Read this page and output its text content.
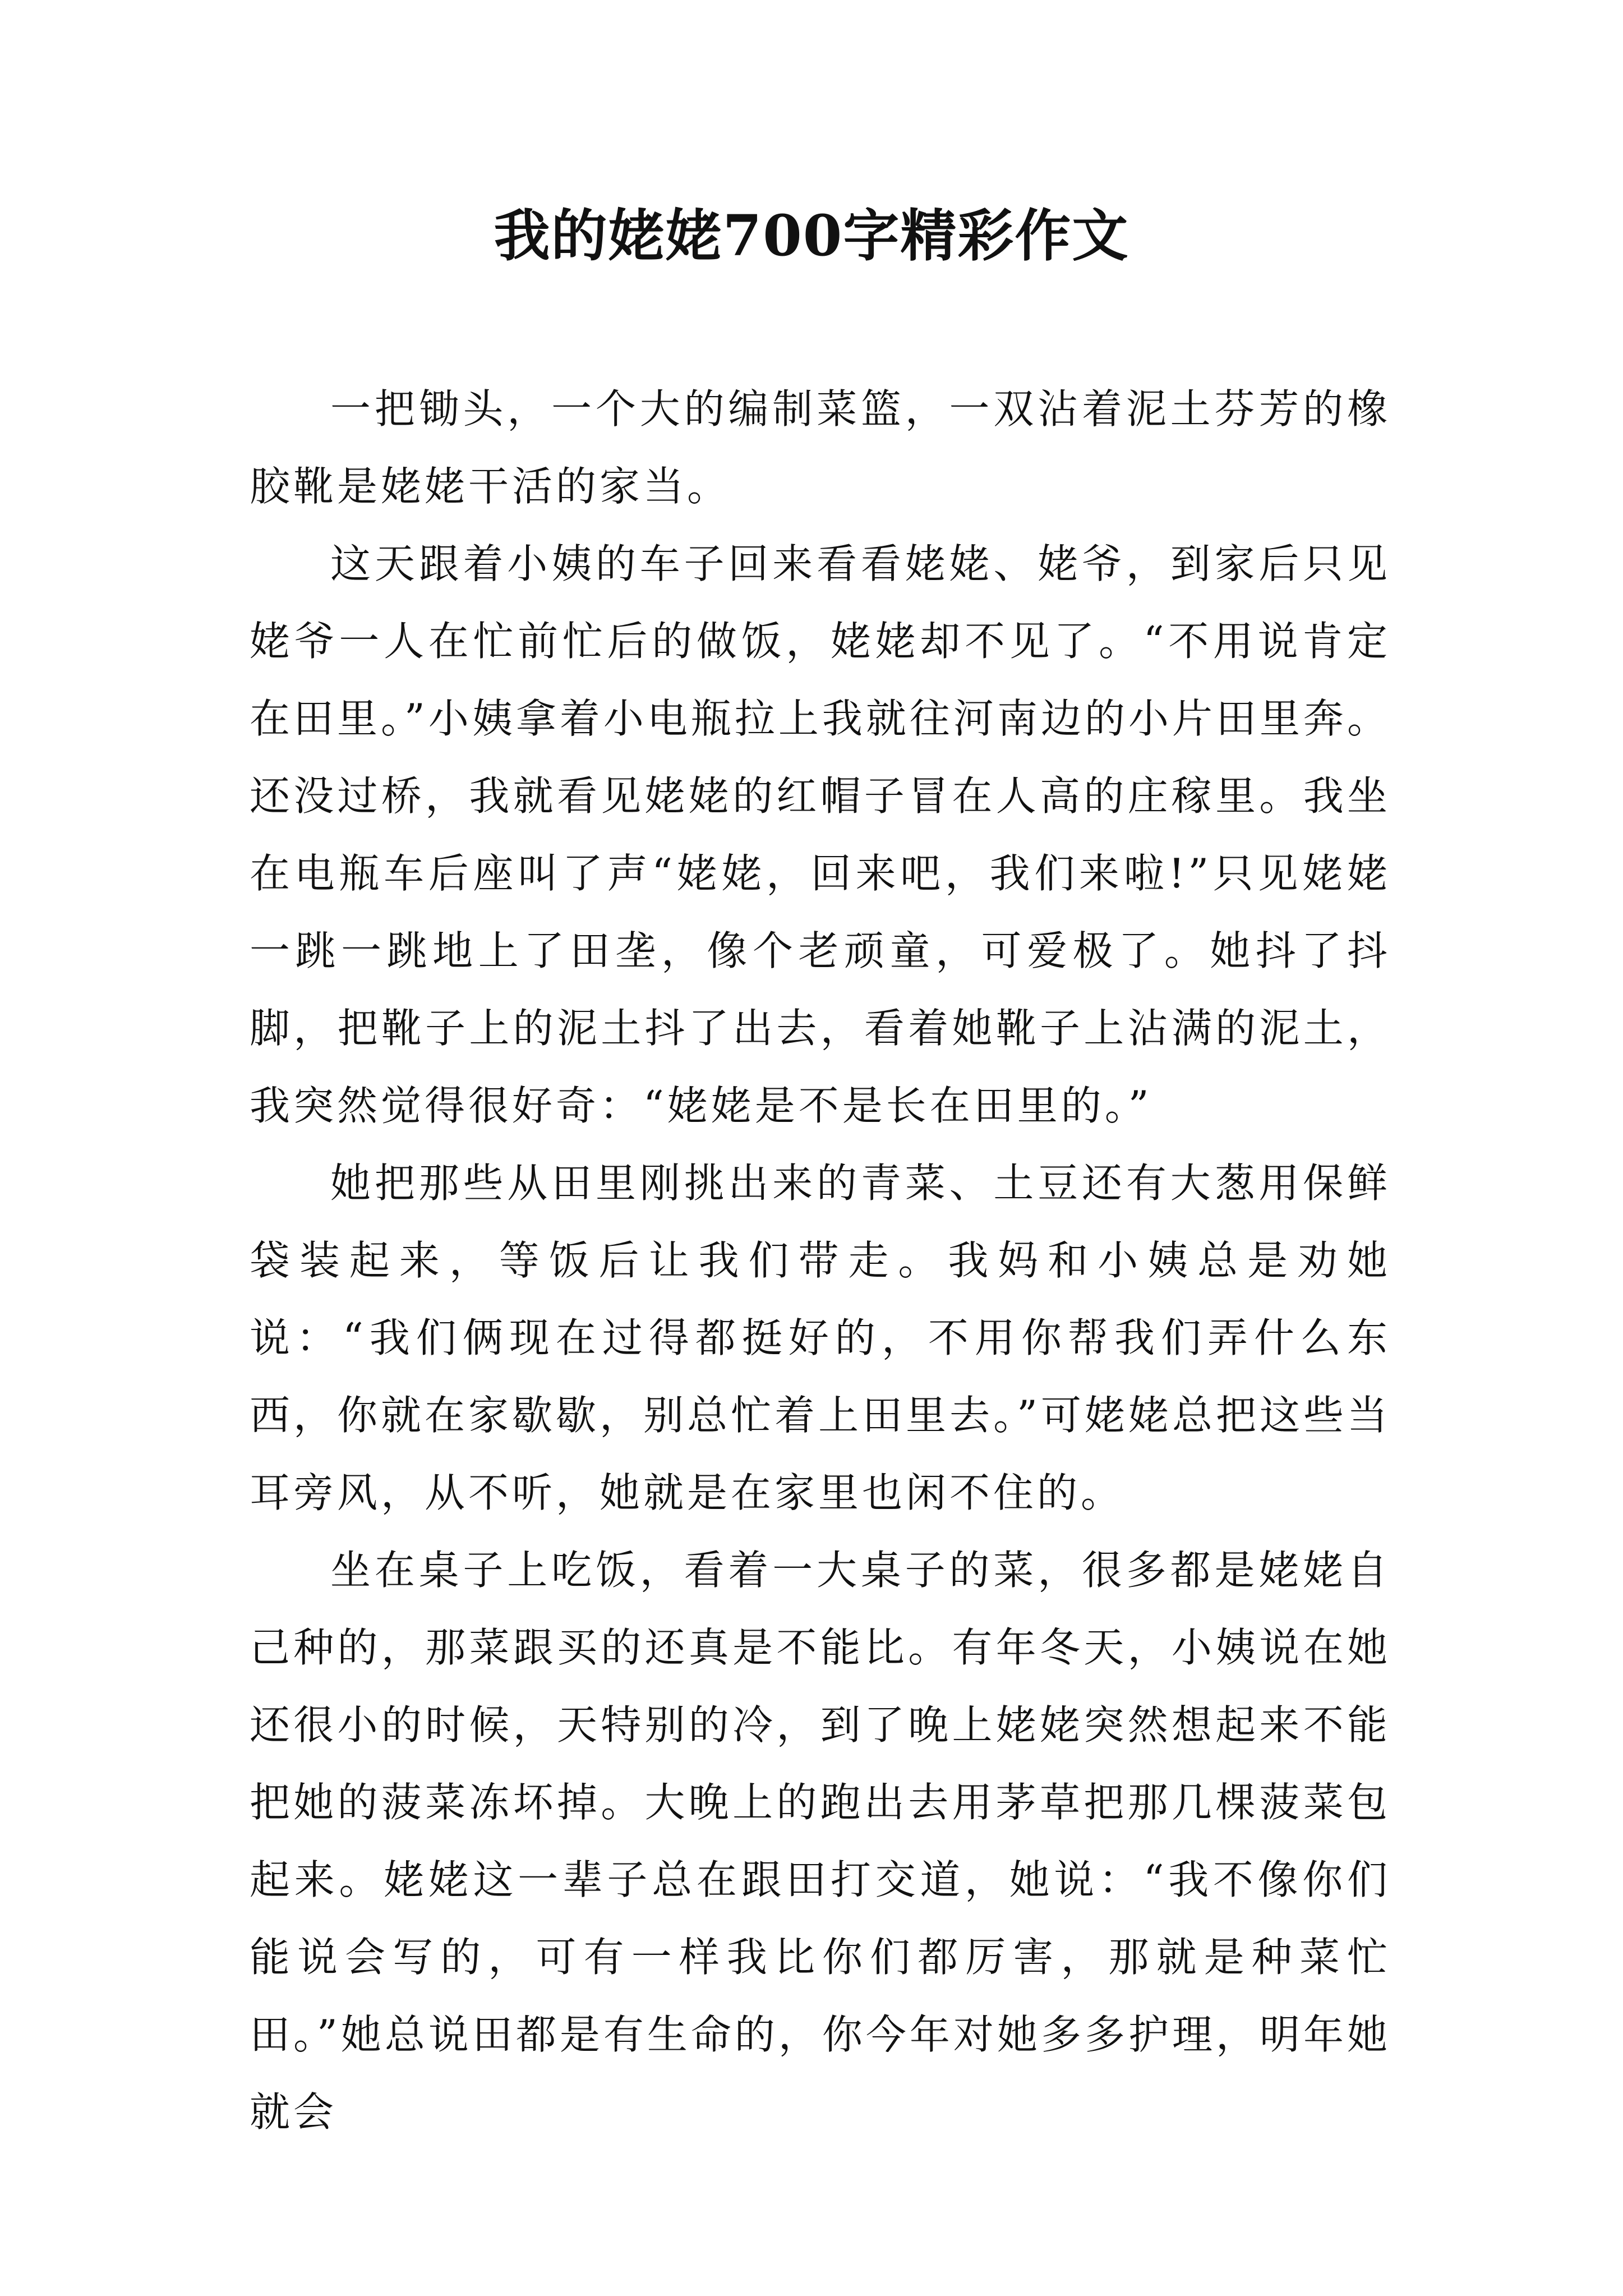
我的姥姥700字精彩作文

一把锄头，一个大的编制菜篮，一双沾着泥土芬芳的橡胶靴是姥姥干活的家当。

这天跟着小姨的车子回来看看姥姥、姥爷，到家后只见姥爷一人在忙前忙后的做饭，姥姥却不见了。“不用说肯定在田里。”小姨拿着小电瓶拉上我就往河南边的小片田里奔。还没过桥，我就看见姥姥的红帽子冒在人高的庄稼里。我坐在电瓶车后座叫了声“姥姥，回来吧，我们来啦!”只见姥姥一跳一跳地上了田垄，像个老顽童，可爱极了。她抖了抖脚，把靴子上的泥土抖了出去，看着她靴子上沾满的泥土，我突然觉得很好奇：“姥姥是不是长在田里的。”

她把那些从田里刚挑出来的青菜、土豆还有大葱用保鲜袋装起来，等饭后让我们带走。我妈和小姨总是劝她说：“我们俩现在过得都挺好的，不用你帮我们弄什么东西，你就在家歇歇，别总忙着上田里去。”可姥姥总把这些当耳旁风，从不听，她就是在家里也闲不住的。

坐在桌子上吃饭，看着一大桌子的菜，很多都是姥姥自己种的，那菜跟买的还真是不能比。有年冬天，小姨说在她还很小的时候，天特别的冷，到了晚上姥姥突然想起来不能把她的菠菜冻坏掉。大晚上的跑出去用茅草把那几棵菠菜包起来。姥姥这一辈子总在跟田打交道，她说：“我不像你们能说会写的，可有一样我比你们都厉害，那就是种菜忙田。”她总说田都是有生命的，你今年对她多多护理，明年她就会
